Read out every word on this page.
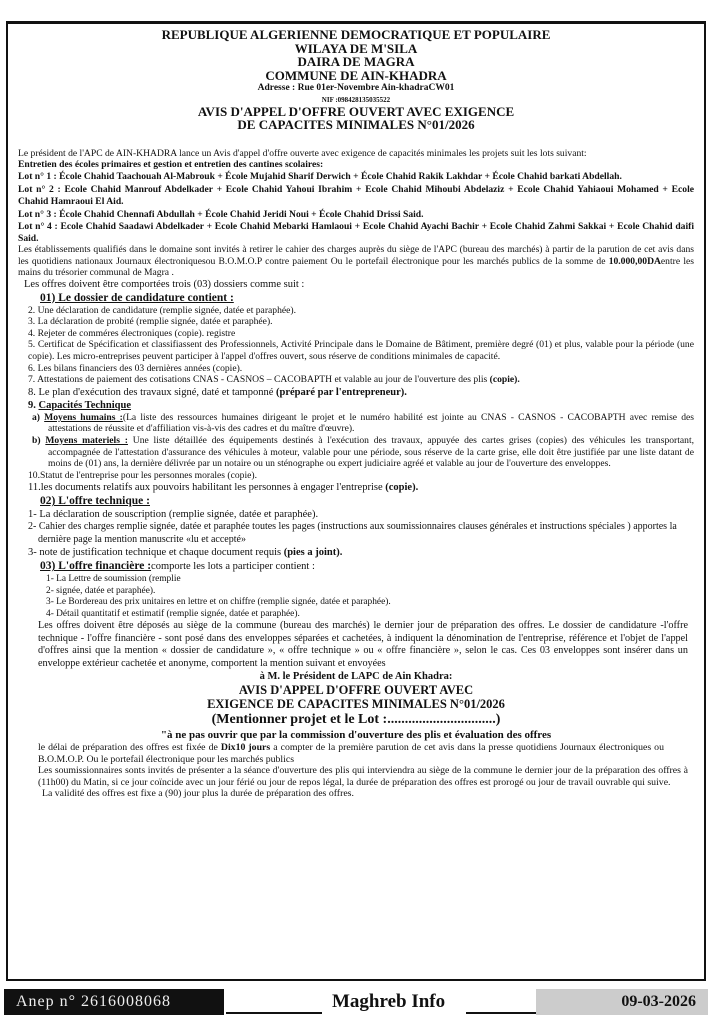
REPUBLIQUE ALGERIENNE DEMOCRATIQUE ET POPULAIRE
WILAYA DE M'SILA
DAIRA DE MAGRA
COMMUNE DE AIN-KHADRA
Adresse : Rue 01er-Novembre Ain-khadraCW01
NIF :098428135035522
AVIS D'APPEL D'OFFRE OUVERT AVEC EXIGENCE
DE CAPACITES MINIMALES N°01/2026
Le président de l'APC de AIN-KHADRA lance un Avis d'appel d'offre ouverte avec exigence de capacités minimales les projets suit les lots suivant:
Entretien des écoles primaires et gestion et entretien des cantines scolaires:
Lot n° 1 : École Chahid Taachouah Al-Mabrouk + École Mujahid Sharif Derwich + École Chahid Rakik Lakhdar + École Chahid barkati Abdellah.
Lot n° 2 : Ecole Chahid Manrouf Abdelkader + Ecole Chahid Yahoui Ibrahim + Ecole Chahid Mihoubi Abdelaziz + Ecole Chahid Yahiaoui Mohamed + Ecole Chahid Hamraoui El Aid.
Lot n° 3 : École Chahid Chennafi Abdullah + École Chahid Jeridi Noui + École Chahid Drissi Said.
Lot n° 4 : Ecole Chahid Saadawi Abdelkader + Ecole Chahid Mebarki Hamlaoui + Ecole Chahid Ayachi Bachir + Ecole Chahid Zahmi Sakkai + Ecole Chahid daifi Said.
Les établissements qualifiés dans le domaine sont invités à retirer le cahier des charges auprès du siège de l'APC (bureau des marchés) à partir de la parution de cet avis dans les quotidiens nationaux Journaux électroniquesou B.O.M.O.P contre paiement Ou le portefail électronique pour les marchés publics de la somme de 10.000,00DAentre les mains du trésorier communal de Magra .
Les offres doivent être comportées trois (03) dossiers comme suit :
01) Le dossier de candidature contient :
2. Une déclaration de candidature (remplie signée, datée et paraphée).
3. La déclaration de probité (remplie signée, datée et paraphée).
4. Rejeter de comméres électroniques (copie). registre
5. Certificat de Spécification et classifiassent des Professionnels, Activité Principale dans le Domaine de Bâtiment, première degré (01) et plus, valable pour la période (une copie). Les micro-entreprises peuvent participer à l'appel d'offres ouvert, sous réserve de conditions minimales de capacité.
6. Les bilans financiers des 03 dernières années (copie).
7. Attestations de paiement des cotisations CNAS - CASNOS – CACOBAPTH et valable au jour de l'ouverture des plis (copie).
8. Le plan d'exécution des travaux signé, daté et tamponné (préparé par l'entrepreneur).
9. Capacités Technique
a) Moyens humains :(La liste des ressources humaines dirigeant le projet et le numéro habilité est jointe au CNAS - CASNOS - CACOBAPTH avec remise des attestations de réussite et d'affiliation vis-à-vis des cadres et du maître d'œuvre).
b) Moyens materiels : Une liste détaillée des équipements destinés à l'exécution des travaux, appuyée des cartes grises (copies) des véhicules les transportant, accompagnée de l'attestation d'assurance des véhicules à moteur, valable pour une période, sous réserve de la carte grise, elle doit être justifiée par une liste datant de moins de (01) ans, la dernière délivrée par un notaire ou un sténographe ou expert judiciaire agréé et valable au jour de l'ouverture des enveloppes.
10.Statut de l'entreprise pour les personnes morales (copie).
11.les documents relatifs aux pouvoirs habilitant les personnes à engager l'entreprise (copie).
02) L'offre technique :
1- La déclaration de souscription (remplie signée, datée et paraphée).
2- Cahier des charges remplie signée, datée et paraphée toutes les pages (instructions aux soumissionnaires clauses générales et instructions spéciales ) apportes la dernière page la mention manuscrite «lu et accepté»
3- note de justification technique et chaque document requis (pies a joint).
03) L'offre financière :comporte les lots a participer contient :
1- La Lettre de soumission (remplie
2- signée, datée et paraphée).
3- Le Bordereau des prix unitaires en lettre et on chiffre (remplie signée, datée et paraphée).
4- Détail quantitatif et estimatif (remplie signée, datée et paraphée).
Les offres doivent être déposés au siège de la commune (bureau des marchés) le dernier jour de préparation des offres. Le dossier de candidature -l'offre technique - l'offre financière - sont posé dans des enveloppes séparées et cachetées, à indiquent la dénomination de l'entreprise, référence et l'objet de l'appel d'offres ainsi que la mention « dossier de candidature », « offre technique » ou « offre financière », selon le cas. Ces 03 enveloppes sont insérer dans un enveloppe extérieur cachetée et anonyme, comportent la mention suivant et envoyées
à M. le Président de LAPC de Ain Khadra:
AVIS D'APPEL D'OFFRE OUVERT AVEC
EXIGENCE DE CAPACITES MINIMALES N°01/2026
(Mentionner projet et le Lot :...............................)
"à ne pas ouvrir que par la commission d'ouverture des plis et évaluation des offres
le délai de préparation des offres est fixée de Dix10 jours a compter de la première parution de cet avis dans la presse quotidiens Journaux électroniques ou B.O.M.O.P. Ou le portefail électronique pour les marchés publics
Les soumissionnaires sonts invités de présenter a la séance d'ouverture des plis qui interviendra au siège de la commune le dernier jour de la préparation des offres à (11h00) du Matin, si ce jour coïncide avec un jour férié ou jour de repos légal, la durée de préparation des offres est prorogé ou jour de travail ouvrable qui suive.
La validité des offres est fixe a (90) jour plus la durée de préparation des offres.
Anep n° 2616008068	Maghreb Info	09-03-2026
